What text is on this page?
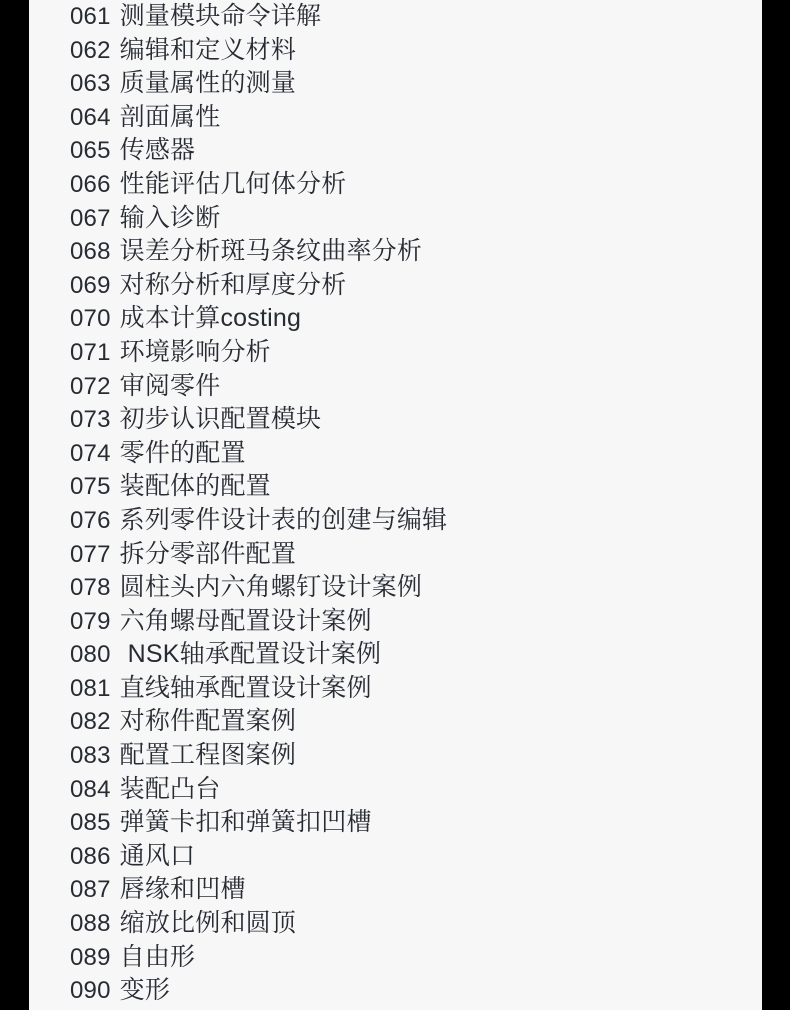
061 测量模块命令详解
062 编辑和定义材料
063 质量属性的测量
064 剖面属性
065 传感器
066 性能评估几何体分析
067 输入诊断
068 误差分析斑马条纹曲率分析
069 对称分析和厚度分析
070 成本计算costing
071 环境影响分析
072 审阅零件
073 初步认识配置模块
074 零件的配置
075 装配体的配置
076 系列零件设计表的创建与编辑
077 拆分零部件配置
078 圆柱头内六角螺钉设计案例
079 六角螺母配置设计案例
080 NSK轴承配置设计案例
081 直线轴承配置设计案例
082 对称件配置案例
083 配置工程图案例
084 装配凸台
085 弹簧卡扣和弹簧扣凹槽
086 通风口
087 唇缘和凹槽
088 缩放比例和圆顶
089 自由形
090 变形
